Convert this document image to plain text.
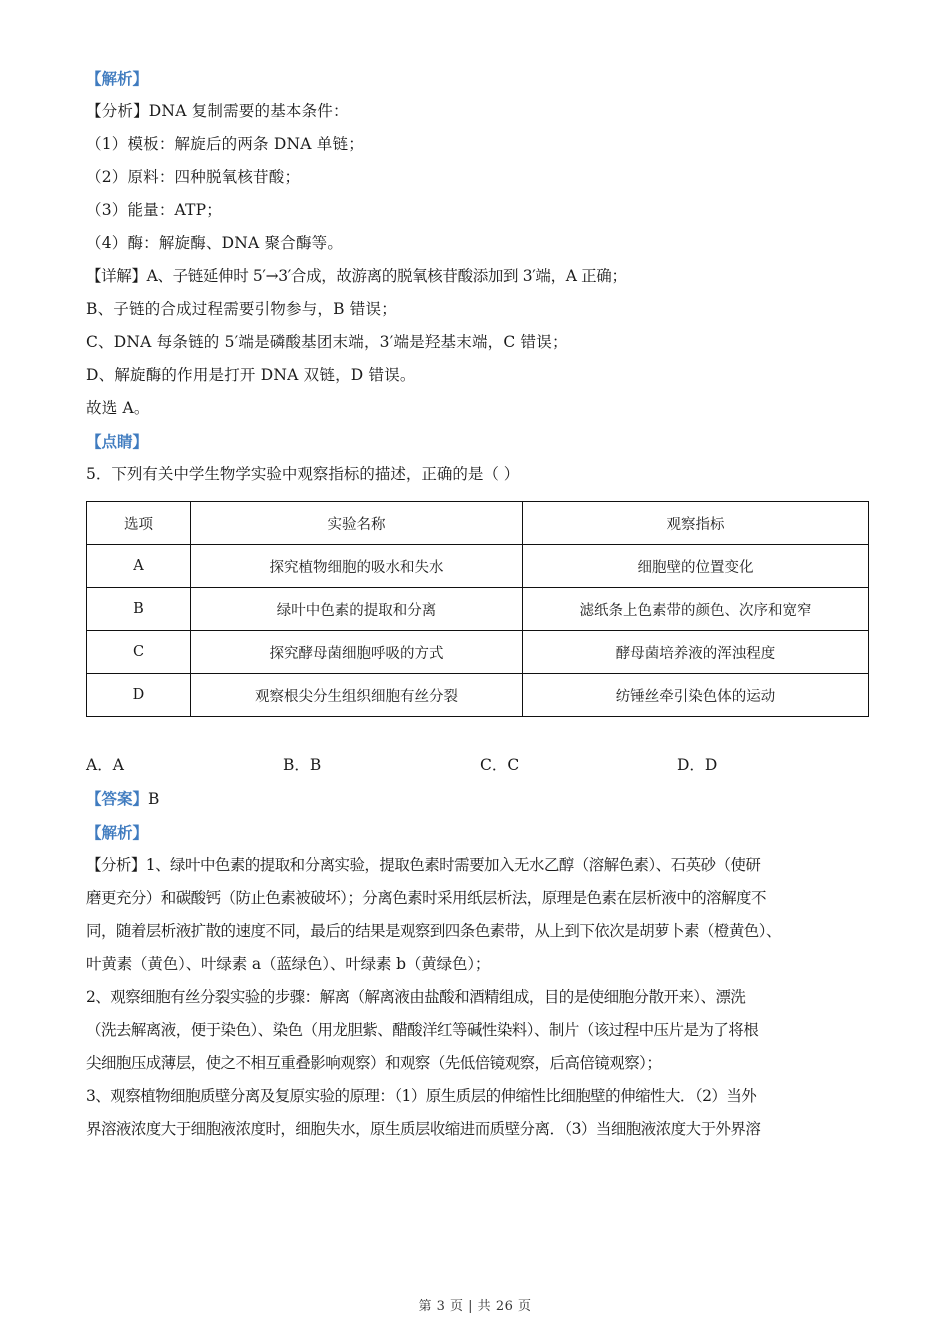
【解析】
【分析】DNA 复制需要的基本条件：
（1）模板：解旋后的两条 DNA 单链；
（2）原料：四种脱氧核苷酸；
（3）能量：ATP；
（4）酶：解旋酶、DNA 聚合酶等。
【详解】A、子链延伸时 5′→3′合成，故游离的脱氧核苷酸添加到 3′端，A 正确；
B、子链的合成过程需要引物参与，B 错误；
C、DNA 每条链的 5′端是磷酸基团末端，3′端是羟基末端，C 错误；
D、解旋酶的作用是打开 DNA 双链，D 错误。
故选 A。
【点睛】
5．下列有关中学生物学实验中观察指标的描述，正确的是（ ）
选项	实验名称	观察指标
A	探究植物细胞的吸水和失水	细胞壁的位置变化
B	绿叶中色素的提取和分离	滤纸条上色素带的颜色、次序和宽窄
C	探究酵母菌细胞呼吸的方式	酵母菌培养液的浑浊程度
D	观察根尖分生组织细胞有丝分裂	纺锤丝牵引染色体的运动
A．A	B．B	C．C	D．D
【答案】B
【解析】
【分析】1、绿叶中色素的提取和分离实验，提取色素时需要加入无水乙醇（溶解色素）、石英砂（使研
磨更充分）和碳酸钙（防止色素被破坏）；分离色素时采用纸层析法，原理是色素在层析液中的溶解度不
同，随着层析液扩散的速度不同，最后的结果是观察到四条色素带，从上到下依次是胡萝卜素（橙黄色）、
叶黄素（黄色）、叶绿素 a（蓝绿色）、叶绿素 b（黄绿色）；
2、观察细胞有丝分裂实验的步骤：解离（解离液由盐酸和酒精组成，目的是使细胞分散开来）、漂洗
（洗去解离液，便于染色）、染色（用龙胆紫、醋酸洋红等碱性染料）、制片（该过程中压片是为了将根
尖细胞压成薄层，使之不相互重叠影响观察）和观察（先低倍镜观察，后高倍镜观察）；
3、观察植物细胞质壁分离及复原实验的原理：（1）原生质层的伸缩性比细胞壁的伸缩性大．（2）当外
界溶液浓度大于细胞液浓度时，细胞失水，原生质层收缩进而质壁分离．（3）当细胞液浓度大于外界溶
第 3 页 | 共 26 页
